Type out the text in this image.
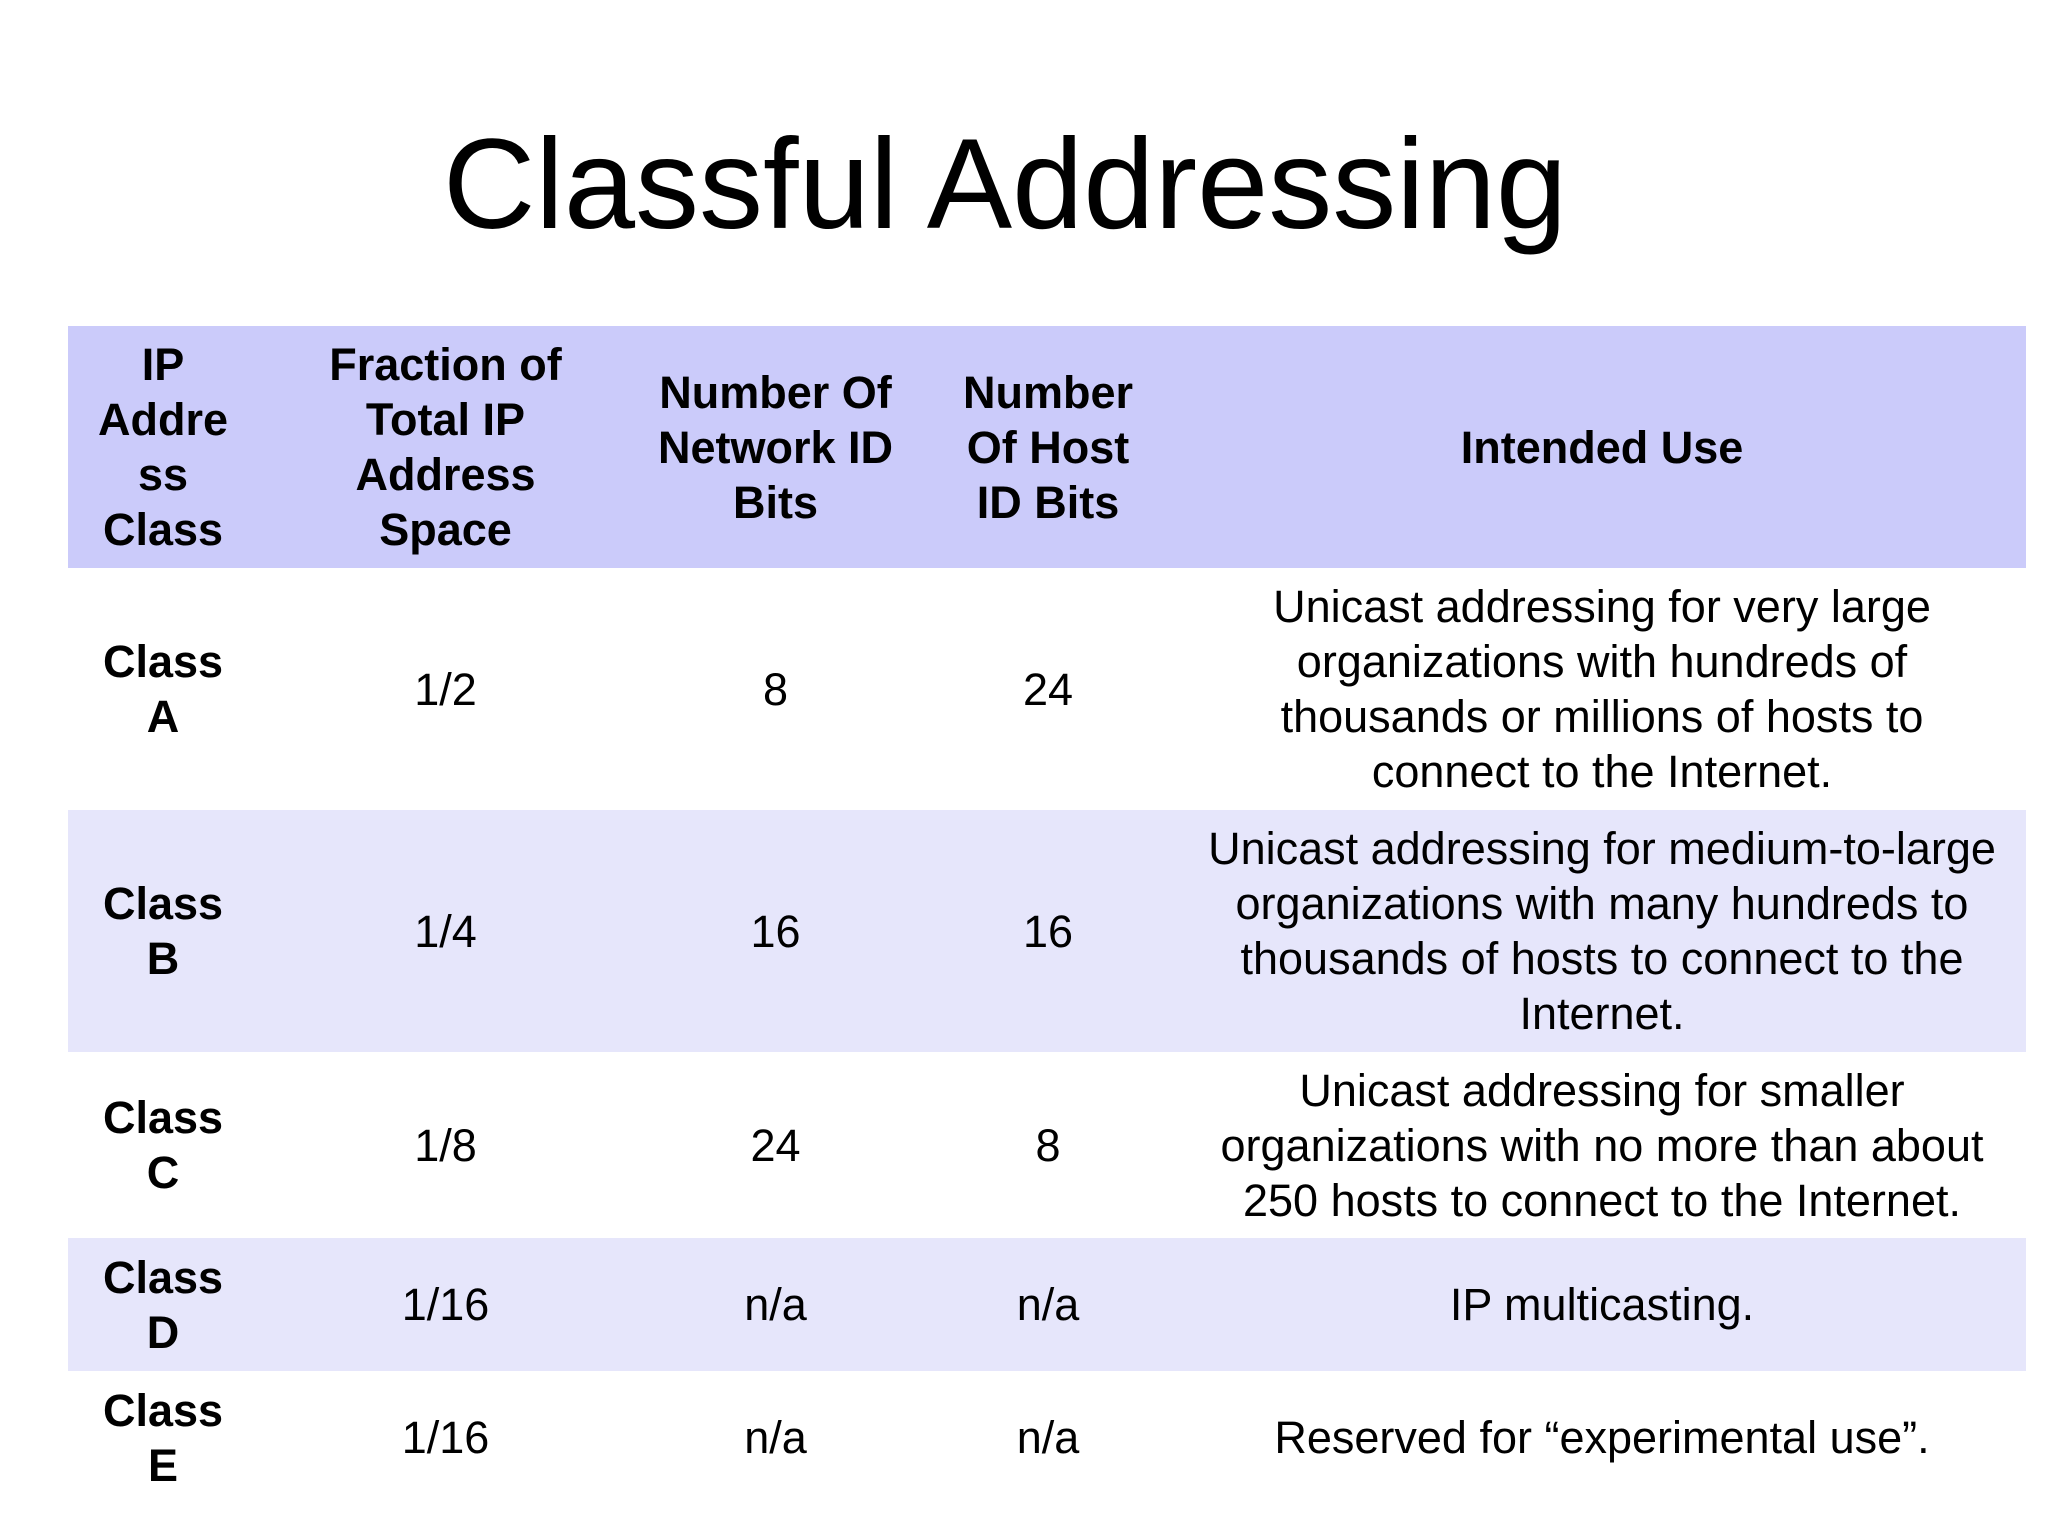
Classful Addressing
IP
Addre
ss
Class	Fraction of
Total IP
Address
Space	Number Of
Network ID
Bits	Number
Of Host
ID Bits	Intended Use
Class
A	1/2	8	24	Unicast addressing for very large
organizations with hundreds of
thousands or millions of hosts to
connect to the Internet.
Class
B	1/4	16	16	Unicast addressing for medium-to-large
organizations with many hundreds to
thousands of hosts to connect to the
Internet.
Class
C	1/8	24	8	Unicast addressing for smaller
organizations with no more than about
250 hosts to connect to the Internet.
Class
D	1/16	n/a	n/a	IP multicasting.
Class
E	1/16	n/a	n/a	Reserved for “experimental use”.
